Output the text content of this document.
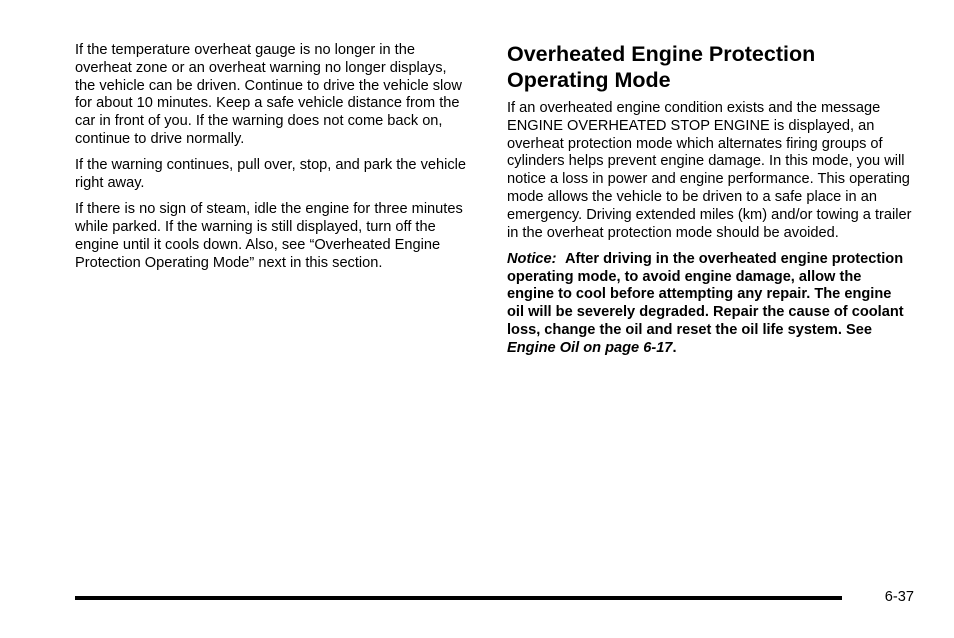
If the temperature overheat gauge is no longer in the overheat zone or an overheat warning no longer displays, the vehicle can be driven. Continue to drive the vehicle slow for about 10 minutes. Keep a safe vehicle distance from the car in front of you. If the warning does not come back on, continue to drive normally.

If the warning continues, pull over, stop, and park the vehicle right away.

If there is no sign of steam, idle the engine for three minutes while parked. If the warning is still displayed, turn off the engine until it cools down. Also, see “Overheated Engine Protection Operating Mode” next in this section.

Overheated Engine Protection Operating Mode

If an overheated engine condition exists and the message ENGINE OVERHEATED STOP ENGINE is displayed, an overheat protection mode which alternates firing groups of cylinders helps prevent engine damage. In this mode, you will notice a loss in power and engine performance. This operating mode allows the vehicle to be driven to a safe place in an emergency. Driving extended miles (km) and/or towing a trailer in the overheat protection mode should be avoided.

Notice: After driving in the overheated engine protection operating mode, to avoid engine damage, allow the engine to cool before attempting any repair. The engine oil will be severely degraded. Repair the cause of coolant loss, change the oil and reset the oil life system. See Engine Oil on page 6-17.

6-37
